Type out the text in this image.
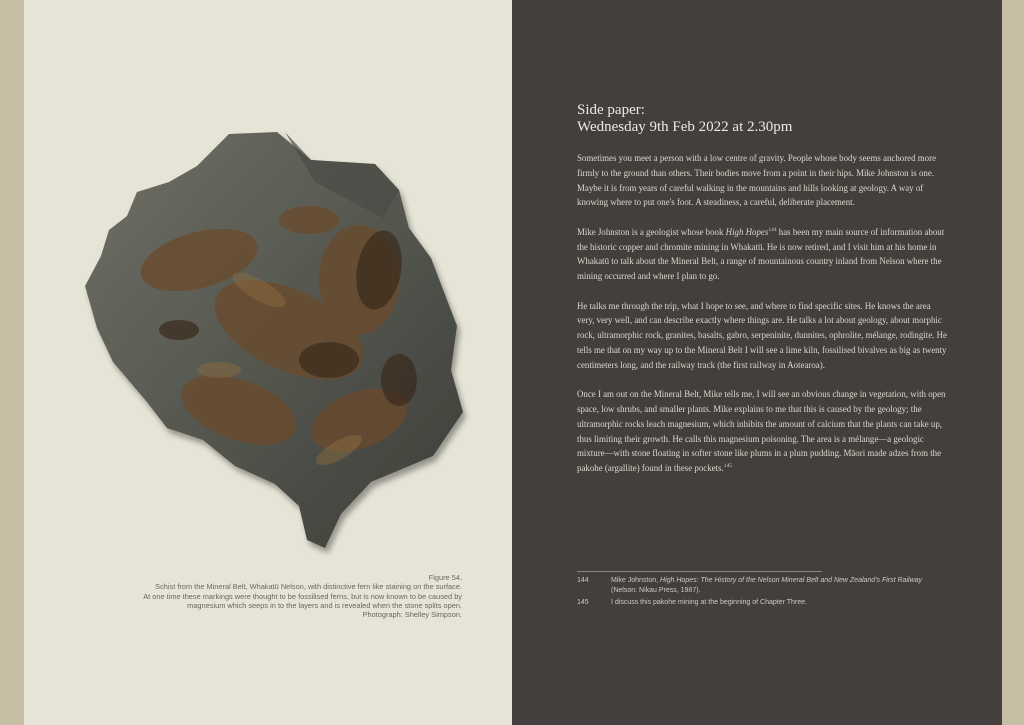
Figure 54.

Schist from the Mineral Belt, Whakatū Nelson, with distinctive fern like staining on the surface.

At one time these markings were thought to be fossilised ferns, but is now known to be caused by

magnesium which seeps in to the layers and is revealed when the stone splits open.

Photograph: Shelley Simpson.

Side paper:
Wednesday 9th Feb 2022 at 2.30pm

Sometimes you meet a person with a low centre of gravity. People whose body seems anchored more firmly to the ground than others. Their bodies move from a point in their hips. Mike Johnston is one. Maybe it is from years of careful walking in the mountains and hills looking at geology. A way of knowing where to put one's foot. A steadiness, a careful, deliberate placement.

Mike Johnston is a geologist whose book High Hopes$^{144}$ has been my main source of information about the historic copper and chromite mining in Whakatū. He is now retired, and I visit him at his home in Whakatū to talk about the Mineral Belt, a range of mountainous country inland from Nelson where the mining occurred and where I plan to go.

He talks me through the trip, what I hope to see, and where to find specific sites. He knows the area very, very well, and can describe exactly where things are. He talks a lot about geology, about morphic rock, ultramorphic rock, granites, basalts, gabro, serpeninite, dunnites, ophrolite, mélange, rodingite. He tells me that on my way up to the Mineral Belt I will see a lime kiln, fossilised bivalves as big as twenty centimeters long, and the railway track (the first railway in Aotearoa).

Once I am out on the Mineral Belt, Mike tells me, I will see an obvious change in vegetation, with open space, low shrubs, and smaller plants. Mike explains to me that this is caused by the geology; the ultramorphic rocks leach magnesium, which inhibits the amount of calcium that the plants can take up, thus limiting their growth. He calls this magnesium poisoning. The area is a mélange—a geologic mixture—with stone floating in softer stone like plums in a plum pudding. Māori made adzes from the pakohe (argallite) found in these pockets.$^{145}$

144	Mike Johnston, High Hopes: The History of the Nelson Mineral Belt and New Zealand's First Railway (Nelson: Nikau Press, 1987).
145	I discuss this pakohe mining at the beginning of Chapter Three.
